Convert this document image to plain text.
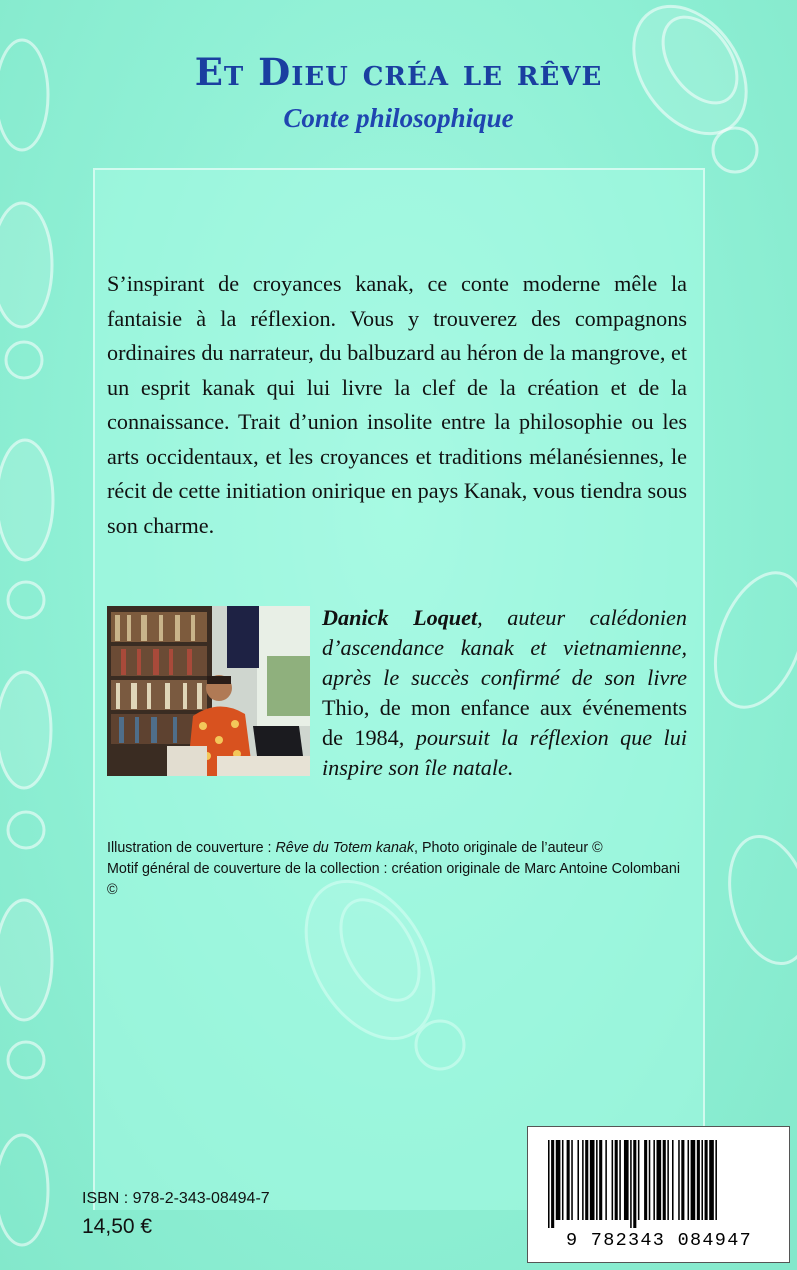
Et Dieu créa le rêve
Conte philosophique

S’inspirant de croyances kanak, ce conte moderne mêle la fantaisie à la réflexion. Vous y trouverez des compagnons ordinaires du narrateur, du balbuzard au héron de la mangrove, et un esprit kanak qui lui livre la clef de la création et de la connaissance. Trait d’union insolite entre la philosophie ou les arts occidentaux, et les croyances et traditions mélanésiennes, le récit de cette initiation onirique en pays Kanak, vous tiendra sous son charme.

Danick Loquet, auteur calédonien d’ascendance kanak et vietnamienne, après le succès confirmé de son livre Thio, de mon enfance aux événements de 1984, poursuit la réflexion que lui inspire son île natale.

Illustration de couverture : Rêve du Totem kanak, Photo originale de l’auteur ©

Motif général de couverture de la collection : création originale de Marc Antoine Colombani ©

ISBN : 978-2-343-08494-7
14,50 €
9 782343 084947
